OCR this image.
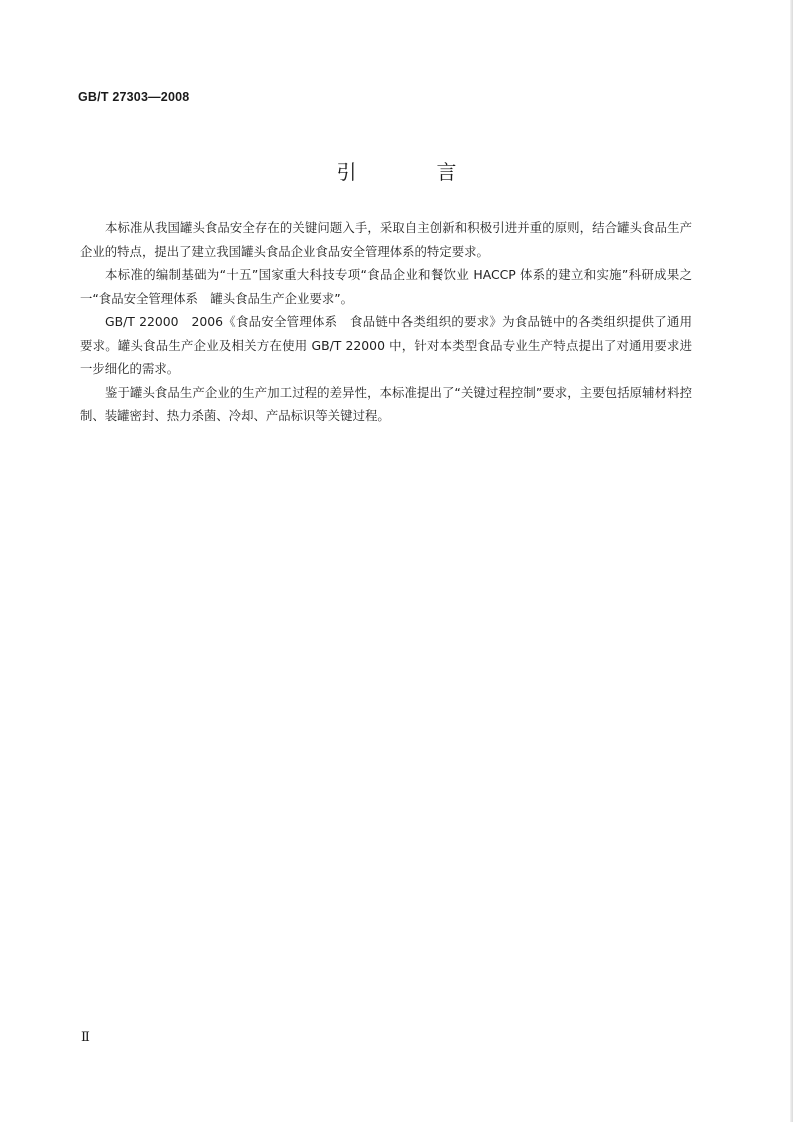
GB/T 27303—2008
引　言

本标准从我国罐头食品安全存在的关键问题入手，采取自主创新和积极引进并重的原则，结合罐头食品生产企业的特点，提出了建立我国罐头食品企业食品安全管理体系的特定要求。

本标准的编制基础为“十五”国家重大科技专项“食品企业和餐饮业 HACCP 体系的建立和实施”科研成果之一“食品安全管理体系　罐头食品生产企业要求”。

GB/T 22000　2006《食品安全管理体系　食品链中各类组织的要求》为食品链中的各类组织提供了通用要求。罐头食品生产企业及相关方在使用 GB/T 22000 中，针对本类型食品专业生产特点提出了对通用要求进一步细化的需求。

鉴于罐头食品生产企业的生产加工过程的差异性，本标准提出了“关键过程控制”要求，主要包括原辅材料控制、装罐密封、热力杀菌、冷却、产品标识等关键过程。

Ⅱ
